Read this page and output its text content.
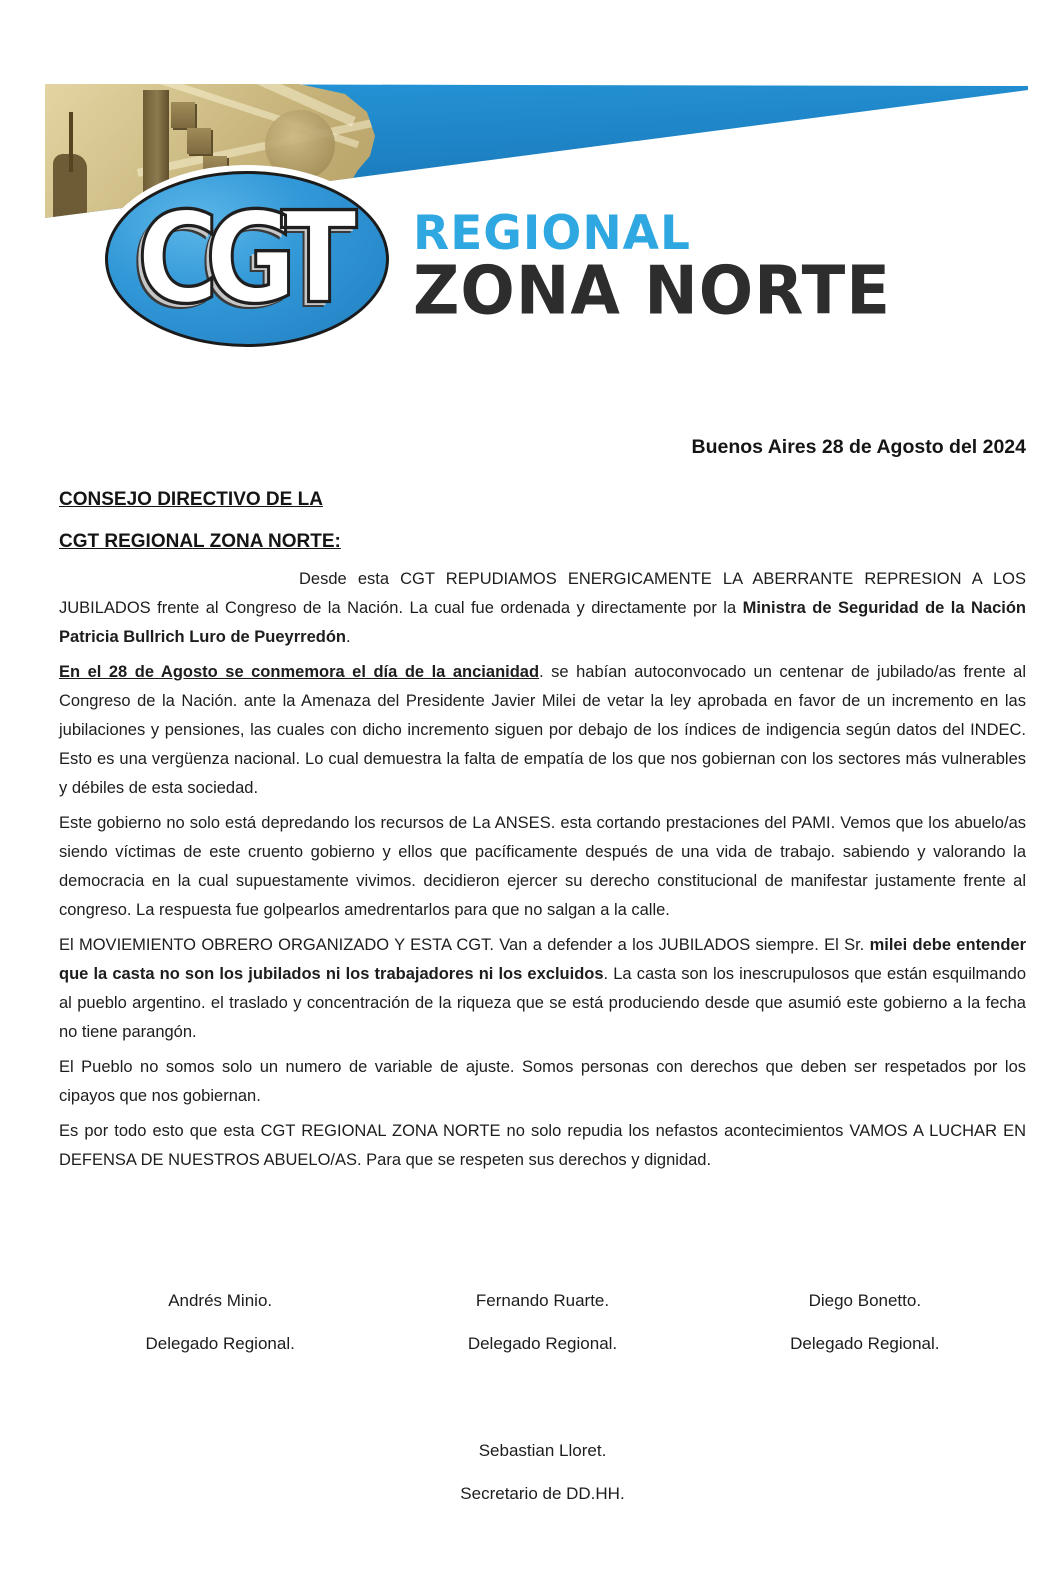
CGT REGIONAL
ZONA NORTE
Buenos Aires 28 de Agosto del 2024
CONSEJO DIRECTIVO DE LA
CGT REGIONAL ZONA NORTE:

Desde esta CGT REPUDIAMOS ENERGICAMENTE LA ABERRANTE REPRESION A LOS JUBILADOS frente al Congreso de la Nación. La cual fue ordenada y directamente por la Ministra de Seguridad de la Nación Patricia Bullrich Luro de Pueyrredón.

En el 28 de Agosto se conmemora el día de la ancianidad. se habían autoconvocado un centenar de jubilado/as frente al Congreso de la Nación. ante la Amenaza del Presidente Javier Milei de vetar la ley aprobada en favor de un incremento en las jubilaciones y pensiones, las cuales con dicho incremento siguen por debajo de los índices de indigencia según datos del INDEC. Esto es una vergüenza nacional. Lo cual demuestra la falta de empatía de los que nos gobiernan con los sectores más vulnerables y débiles de esta sociedad.

Este gobierno no solo está depredando los recursos de La ANSES. esta cortando prestaciones del PAMI. Vemos que los abuelo/as siendo víctimas de este cruento gobierno y ellos que pacíficamente después de una vida de trabajo. sabiendo y valorando la democracia en la cual supuestamente vivimos. decidieron ejercer su derecho constitucional de manifestar justamente frente al congreso. La respuesta fue golpearlos amedrentarlos para que no salgan a la calle.

El MOVIEMIENTO OBRERO ORGANIZADO Y ESTA CGT. Van a defender a los JUBILADOS siempre. El Sr. milei debe entender que la casta no son los jubilados ni los trabajadores ni los excluidos. La casta son los inescrupulosos que están esquilmando al pueblo argentino. el traslado y concentración de la riqueza que se está produciendo desde que asumió este gobierno a la fecha no tiene parangón.

El Pueblo no somos solo un numero de variable de ajuste. Somos personas con derechos que deben ser respetados por los cipayos que nos gobiernan.

Es por todo esto que esta CGT REGIONAL ZONA NORTE no solo repudia los nefastos acontecimientos VAMOS A LUCHAR EN DEFENSA DE NUESTROS ABUELO/AS. Para que se respeten sus derechos y dignidad.

Andrés Minio.
Delegado Regional.
Fernando Ruarte.
Delegado Regional.
Diego Bonetto.
Delegado Regional.
Sebastian Lloret.
Secretario de DD.HH.
